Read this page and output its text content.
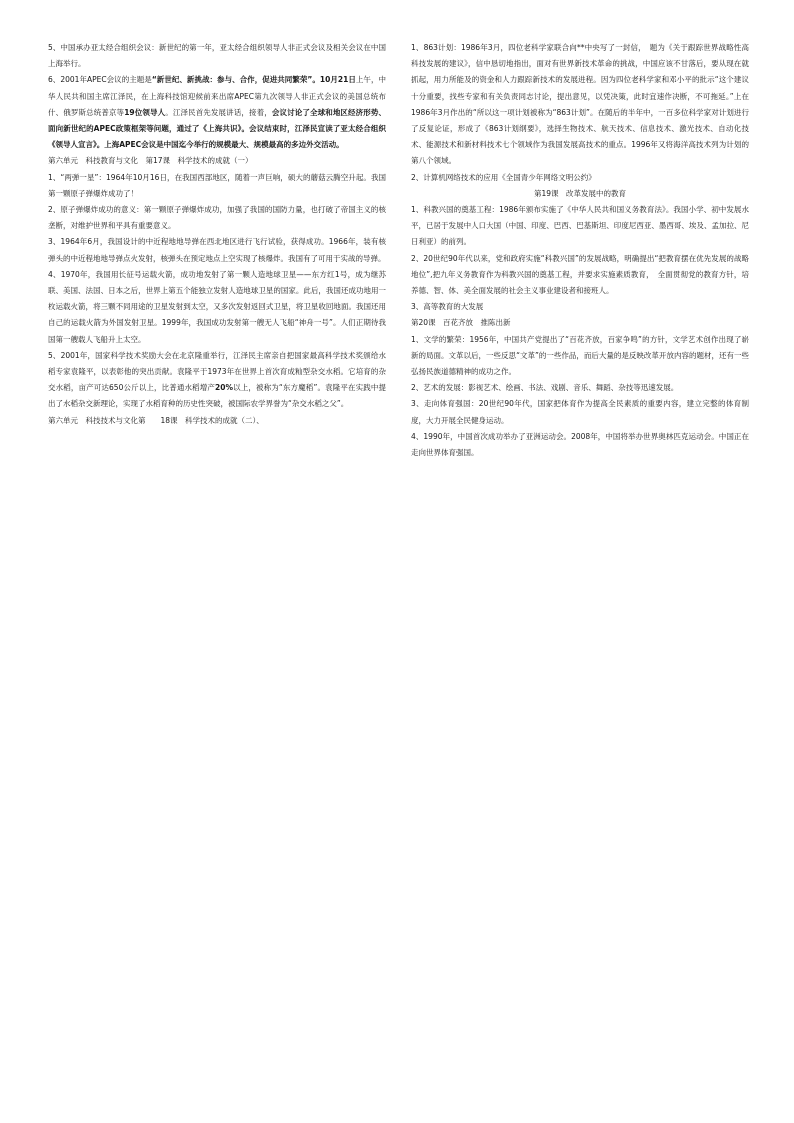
5、中国承办亚太经合组织会议：新世纪的第一年，亚太经合组织领导人非正式会议及相关会议在中国上海举行。

6、2001年APEC会议的主题是“新世纪、新挑战：参与、合作，促进共同繁荣”。10月21日上午，中华人民共和国主席江泽民，在上海科技馆迎候前来出席APEC第九次领导人非正式会议的美国总统布什、俄罗斯总统普京等19位领导人。江泽民首先发展讲话，接着，会议讨论了全球和地区经济形势、面向新世纪的APEC政策框架等问题，通过了《上海共识》。会议结束时，江泽民宣读了亚太经合组织《领导人宣言》。上海APEC会议是中国迄今举行的规模最大、规模最高的多边外交活动。

第六单元　科技教育与文化　第17课　科学技术的成就（一）

1、“两弹一星”：1964年10月16日，在我国西部地区，随着一声巨响，硕大的蘑菇云腾空升起。我国第一颗原子弹爆炸成功了！

2、原子弹爆炸成功的意义：第一颗原子弹爆炸成功，加强了我国的国防力量，也打破了帝国主义的核垄断，对维护世界和平具有重要意义。

3、1964年6月，我国设计的中近程地地导弹在西北地区进行飞行试验，获得成功。1966年，装有核弹头的中近程地地导弹点火发射，核弹头在预定地点上空实现了核爆炸。我国有了可用于实战的导弹。

4、1970年，我国用长征号运载火箭，成功地发射了第一颗人造地球卫星——东方红1号，成为继苏联、美国、法国、日本之后，世界上第五个能独立发射人造地球卫星的国家。此后，我国还成功地用一枚运载火箭，将三颗不同用途的卫星发射到太空，又多次发射返回式卫星，将卫星收回地面。我国还用自己的运载火箭为外国发射卫星。1999年，我国成功发射第一艘无人飞船“神舟一号”。人们正期待我国第一艘载人飞船升上太空。

5、2001年，国家科学技术奖励大会在北京隆重举行，江泽民主席亲自把国家最高科学技术奖颁给水稻专家袁隆平，以表彰他的突出贡献。袁隆平于1973年在世界上首次育成籼型杂交水稻。它培育的杂交水稻，亩产可达650公斤以上，比普通水稻增产20%以上，被称为“东方魔稻”。袁隆平在实践中提出了水稻杂交新理论，实现了水稻育种的历史性突破，被国际农学界誉为“杂交水稻之父”。

第六单元　科技技术与文化第　　18课　科学技术的成就（二）、

1、863计划：1986年3月，四位老科学家联合向**中央写了一封信，　题为《关于跟踪世界战略性高科技发展的建议》，信中恳切地指出，面对有世界新技术革命的挑战，中国应该不甘落后，要从现在就抓起，用力所能及的资金和人力跟踪新技术的发展进程。因为四位老科学家和邓小平的批示“这个建议十分重要，找些专家和有关负责同志讨论，提出意见，以凭决策，此时宜速作决断，不可拖延。”上在1986年3月作出的“所以这一项计划被称为“863计划”。在随后的半年中，一百多位科学家对计划进行了反复论证，形成了《863计划纲要》，选择生物技术、航天技术、信息技术、激光技术、自动化技术、能源技术和新材料技术七个领域作为我国发展高技术的重点。1996年又将海洋高技术列为计划的第八个领域。

2、计算机网络技术的应用《全国青少年网络文明公约》

第19课　改革发展中的教育

1、科教兴国的奠基工程：1986年颁布实施了《中华人民共和国义务教育法》。我国小学、初中发展水平，已居于发展中人口大国（中国、印度、巴西、巴基斯坦、印度尼西亚、墨西哥、埃及、孟加拉、尼日利亚）的前列。

2、20世纪90年代以来，党和政府实施“科教兴国”的发展战略，明确提出“把教育摆在优先发展的战略地位”,把九年义务教育作为科教兴国的奠基工程，并要求实施素质教育，　全面贯彻党的教育方针，培养德、智、体、美全面发展的社会主义事业建设者和接班人。

3、高等教育的大发展

第20课　百花齐放　推陈出新

1、文学的繁荣：1956年，中国共产党提出了“百花齐放，百家争鸣”的方针，文学艺术创作出现了崭新的局面。文革以后，一些反思“文革”的一些作品，而后大量的是反映改革开放内容的题材，还有一些弘扬民族道德精神的成功之作。

2、艺术的发展：影视艺术、绘画、书法、戏剧、音乐、舞蹈、杂技等迅速发展。

3、走向体育强国：20世纪90年代，国家把体育作为提高全民素质的重要内容，建立完整的体育制度，大力开展全民健身运动。

4、1990年，中国首次成功举办了亚洲运动会。2008年，中国将举办世界奥林匹克运动会。中国正在走向世界体育强国。
